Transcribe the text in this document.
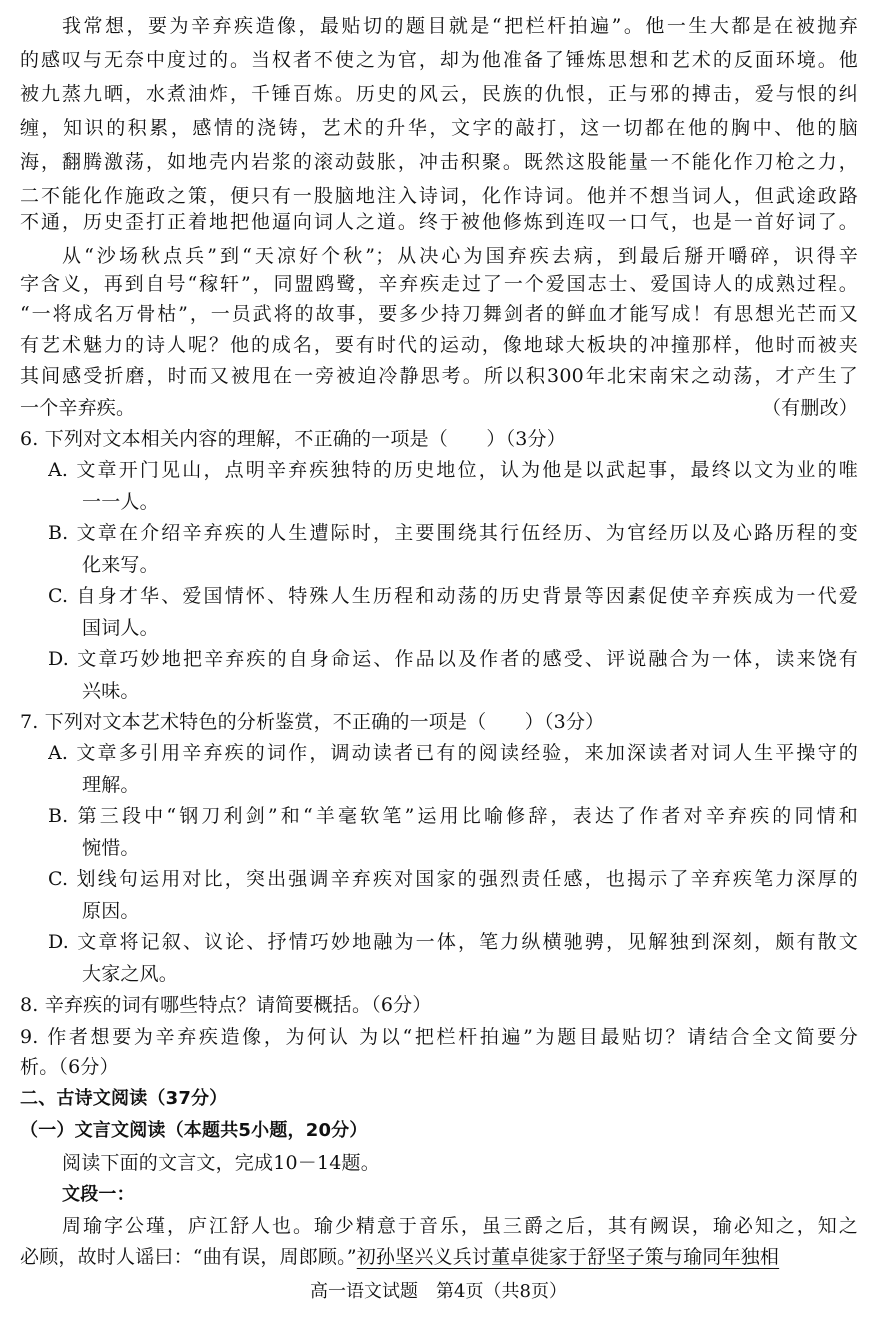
我常想，要为辛弃疾造像，最贴切的题目就是“把栏杆拍遍”。他一生大都是在被抛弃
的感叹与无奈中度过的。当权者不使之为官，却为他准备了锤炼思想和艺术的反面环境。他
被九蒸九晒，水煮油炸，千锤百炼。历史的风云，民族的仇恨，正与邪的搏击，爱与恨的纠
缠，知识的积累，感情的浇铸，艺术的升华，文字的敲打，这一切都在他的胸中、他的脑
海，翻腾激荡，如地壳内岩浆的滚动鼓胀，冲击积聚。既然这股能量一不能化作刀枪之力，
二不能化作施政之策，便只有一股脑地注入诗词，化作诗词。他并不想当词人，但武途政路
不通，历史歪打正着地把他逼向词人之道。终于被他修炼到连叹一口气，也是一首好词了。
从“沙场秋点兵”到“天凉好个秋”；从决心为国弃疾去病，到最后掰开嚼碎，识得辛
字含义，再到自号“稼轩”，同盟鸥鹭，辛弃疾走过了一个爱国志士、爱国诗人的成熟过程。
“一将成名万骨枯”，一员武将的故事，要多少持刀舞剑者的鲜血才能写成！有思想光芒而又
有艺术魅力的诗人呢？他的成名，要有时代的运动，像地球大板块的冲撞那样，他时而被夹
其间感受折磨，时而又被甩在一旁被迫冷静思考。所以积300年北宋南宋之动荡，才产生了
一个辛弃疾。	（有删改）
6. 下列对文本相关内容的理解，不正确的一项是（　　）（3分）
A. 文章开门见山，点明辛弃疾独特的历史地位，认为他是以武起事，最终以文为业的唯
一一人。
B. 文章在介绍辛弃疾的人生遭际时，主要围绕其行伍经历、为官经历以及心路历程的变
化来写。
C. 自身才华、爱国情怀、特殊人生历程和动荡的历史背景等因素促使辛弃疾成为一代爱
国词人。
D. 文章巧妙地把辛弃疾的自身命运、作品以及作者的感受、评说融合为一体，读来饶有
兴味。
7. 下列对文本艺术特色的分析鉴赏，不正确的一项是（　　）（3分）
A. 文章多引用辛弃疾的词作，调动读者已有的阅读经验，来加深读者对词人生平操守的
理解。
B. 第三段中“钢刀利剑”和“羊毫软笔”运用比喻修辞，表达了作者对辛弃疾的同情和
惋惜。
C. 划线句运用对比，突出强调辛弃疾对国家的强烈责任感，也揭示了辛弃疾笔力深厚的
原因。
D. 文章将记叙、议论、抒情巧妙地融为一体，笔力纵横驰骋，见解独到深刻，颇有散文
大家之风。
8. 辛弃疾的词有哪些特点？请简要概括。（6分）
9. 作者想要为辛弃疾造像，为何认 为以“把栏杆拍遍”为题目最贴切？请结合全文简要分
析。（6分）
二、古诗文阅读（37分）
（一）文言文阅读（本题共5小题，20分）
阅读下面的文言文，完成10－14题。
文段一：
周瑜字公瑾，庐江舒人也。瑜少精意于音乐，虽三爵之后，其有阙误，瑜必知之，知之
必顾，故时人谣曰：“曲有误，周郎顾。”初孙坚兴义兵讨董卓徙家于舒坚子策与瑜同年独相
高一语文试题　第4页（共8页）
